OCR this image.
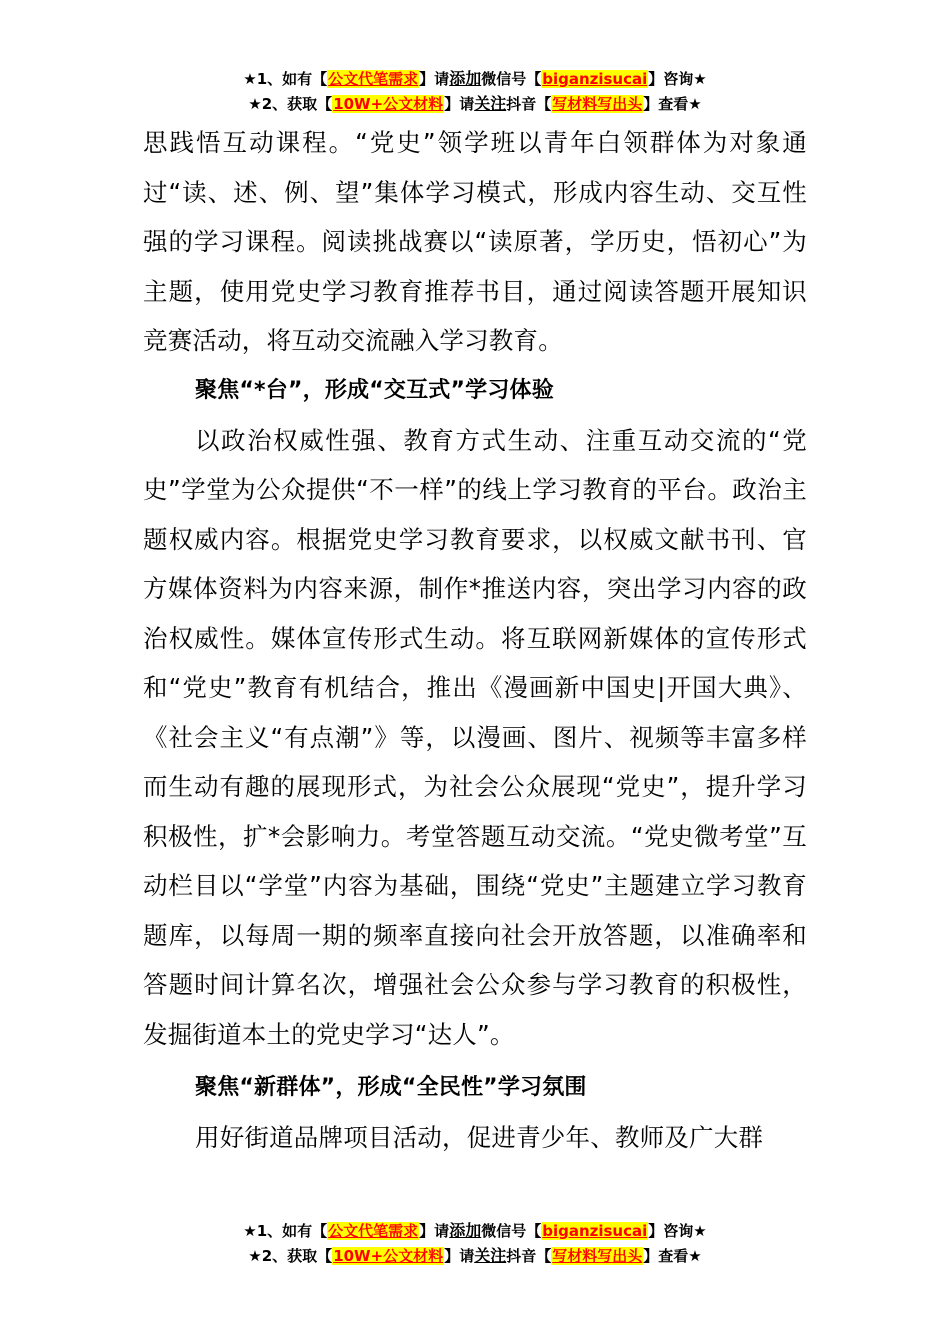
★1、如有【公文代笔需求】请添加微信号【biganzisucai】咨询★
★2、获取【10W+公文材料】请关注抖音【写材料写出头】查看★

思践悟互动课程。“党史”领学班以青年白领群体为对象通过“读、述、例、望”集体学习模式，形成内容生动、交互性强的学习课程。阅读挑战赛以“读原著，学历史，悟初心”为主题，使用党史学习教育推荐书目，通过阅读答题开展知识竞赛活动，将互动交流融入学习教育。

聚焦“*台”，形成“交互式”学习体验

以政治权威性强、教育方式生动、注重互动交流的“党史”学堂为公众提供“不一样”的线上学习教育的平台。政治主题权威内容。根据党史学习教育要求，以权威文献书刊、官方媒体资料为内容来源，制作*推送内容，突出学习内容的政治权威性。媒体宣传形式生动。将互联网新媒体的宣传形式和“党史”教育有机结合，推出《漫画新中国史|开国大典》、《社会主义“有点潮”》等，以漫画、图片、视频等丰富多样而生动有趣的展现形式，为社会公众展现“党史”，提升学习积极性，扩*会影响力。考堂答题互动交流。“党史微考堂”互动栏目以“学堂”内容为基础，围绕“党史”主题建立学习教育题库，以每周一期的频率直接向社会开放答题，以准确率和答题时间计算名次，增强社会公众参与学习教育的积极性，发掘街道本土的党史学习“达人”。

聚焦“新群体”，形成“全民性”学习氛围

用好街道品牌项目活动，促进青少年、教师及广大群

★1、如有【公文代笔需求】请添加微信号【biganzisucai】咨询★
★2、获取【10W+公文材料】请关注抖音【写材料写出头】查看★
